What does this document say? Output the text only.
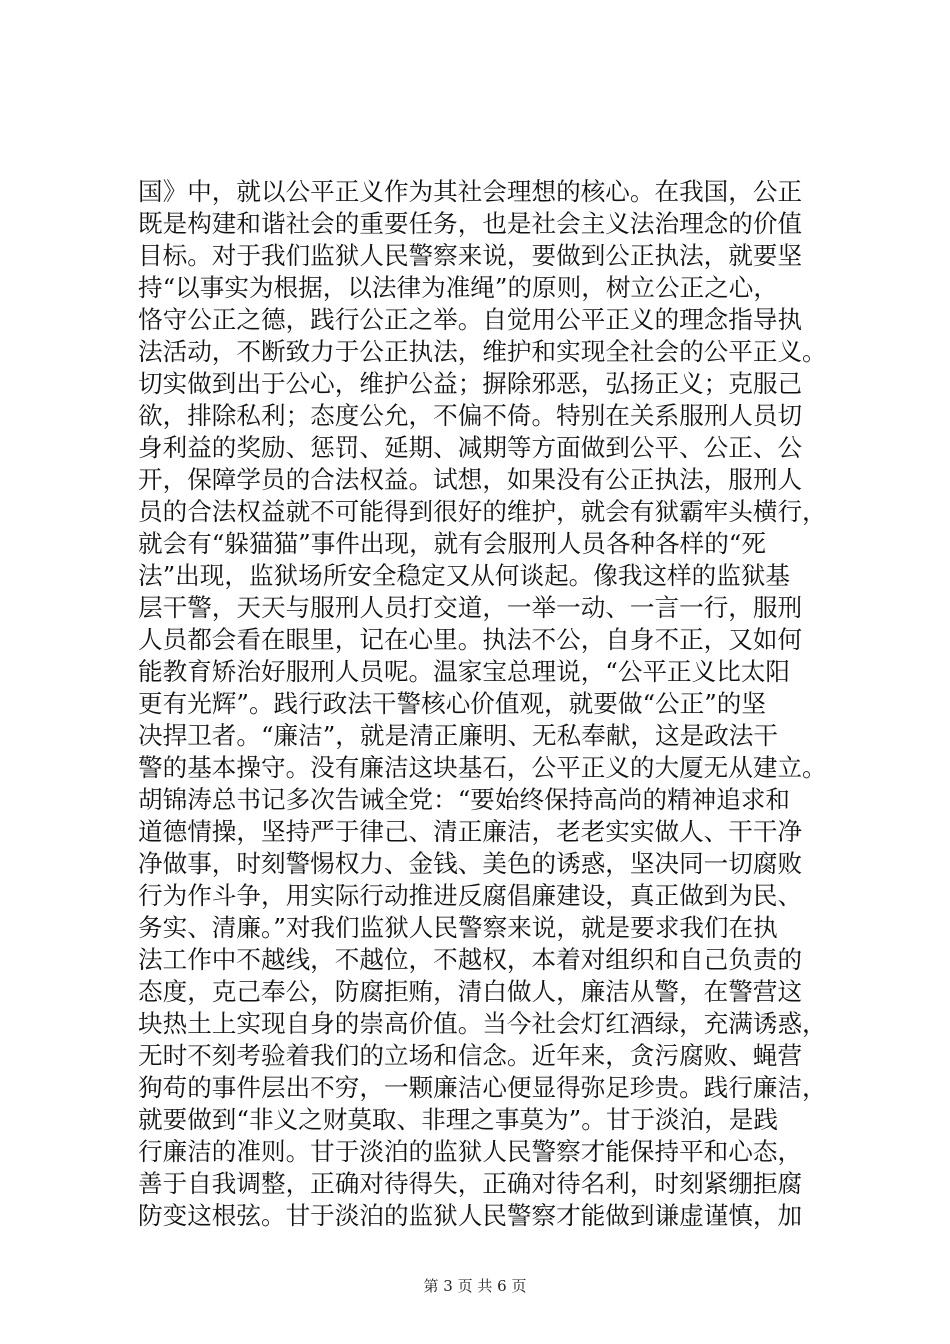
国》中，就以公平正义作为其社会理想的核心。在我国，公正
既是构建和谐社会的重要任务，也是社会主义法治理念的价值
目标。对于我们监狱人民警察来说，要做到公正执法，就要坚
持“以事实为根据，以法律为准绳”的原则，树立公正之心，
恪守公正之德，践行公正之举。自觉用公平正义的理念指导执
法活动，不断致力于公正执法，维护和实现全社会的公平正义。
切实做到出于公心，维护公益；摒除邪恶，弘扬正义；克服己
欲，排除私利；态度公允，不偏不倚。特别在关系服刑人员切
身利益的奖励、惩罚、延期、减期等方面做到公平、公正、公
开，保障学员的合法权益。试想，如果没有公正执法，服刑人
员的合法权益就不可能得到很好的维护，就会有狱霸牢头横行，
就会有“躲猫猫”事件出现，就有会服刑人员各种各样的“死
法”出现，监狱场所安全稳定又从何谈起。像我这样的监狱基
层干警，天天与服刑人员打交道，一举一动、一言一行，服刑
人员都会看在眼里，记在心里。执法不公，自身不正，又如何
能教育矫治好服刑人员呢。温家宝总理说，“公平正义比太阳
更有光辉”。践行政法干警核心价值观，就要做“公正”的坚
决捍卫者。“廉洁”，就是清正廉明、无私奉献，这是政法干
警的基本操守。没有廉洁这块基石，公平正义的大厦无从建立。
胡锦涛总书记多次告诫全党：“要始终保持高尚的精神追求和
道德情操，坚持严于律己、清正廉洁，老老实实做人、干干净
净做事，时刻警惕权力、金钱、美色的诱惑，坚决同一切腐败
行为作斗争，用实际行动推进反腐倡廉建设，真正做到为民、
务实、清廉。”对我们监狱人民警察来说，就是要求我们在执
法工作中不越线，不越位，不越权，本着对组织和自己负责的
态度，克己奉公，防腐拒贿，清白做人，廉洁从警，在警营这
块热土上实现自身的崇高价值。当今社会灯红酒绿，充满诱惑，
无时不刻考验着我们的立场和信念。近年来，贪污腐败、蝇营
狗苟的事件层出不穷，一颗廉洁心便显得弥足珍贵。践行廉洁，
就要做到“非义之财莫取、非理之事莫为”。甘于淡泊，是践
行廉洁的准则。甘于淡泊的监狱人民警察才能保持平和心态，
善于自我调整，正确对待得失，正确对待名利，时刻紧绷拒腐
防变这根弦。甘于淡泊的监狱人民警察才能做到谦虚谨慎，加
第 3 页 共 6 页
